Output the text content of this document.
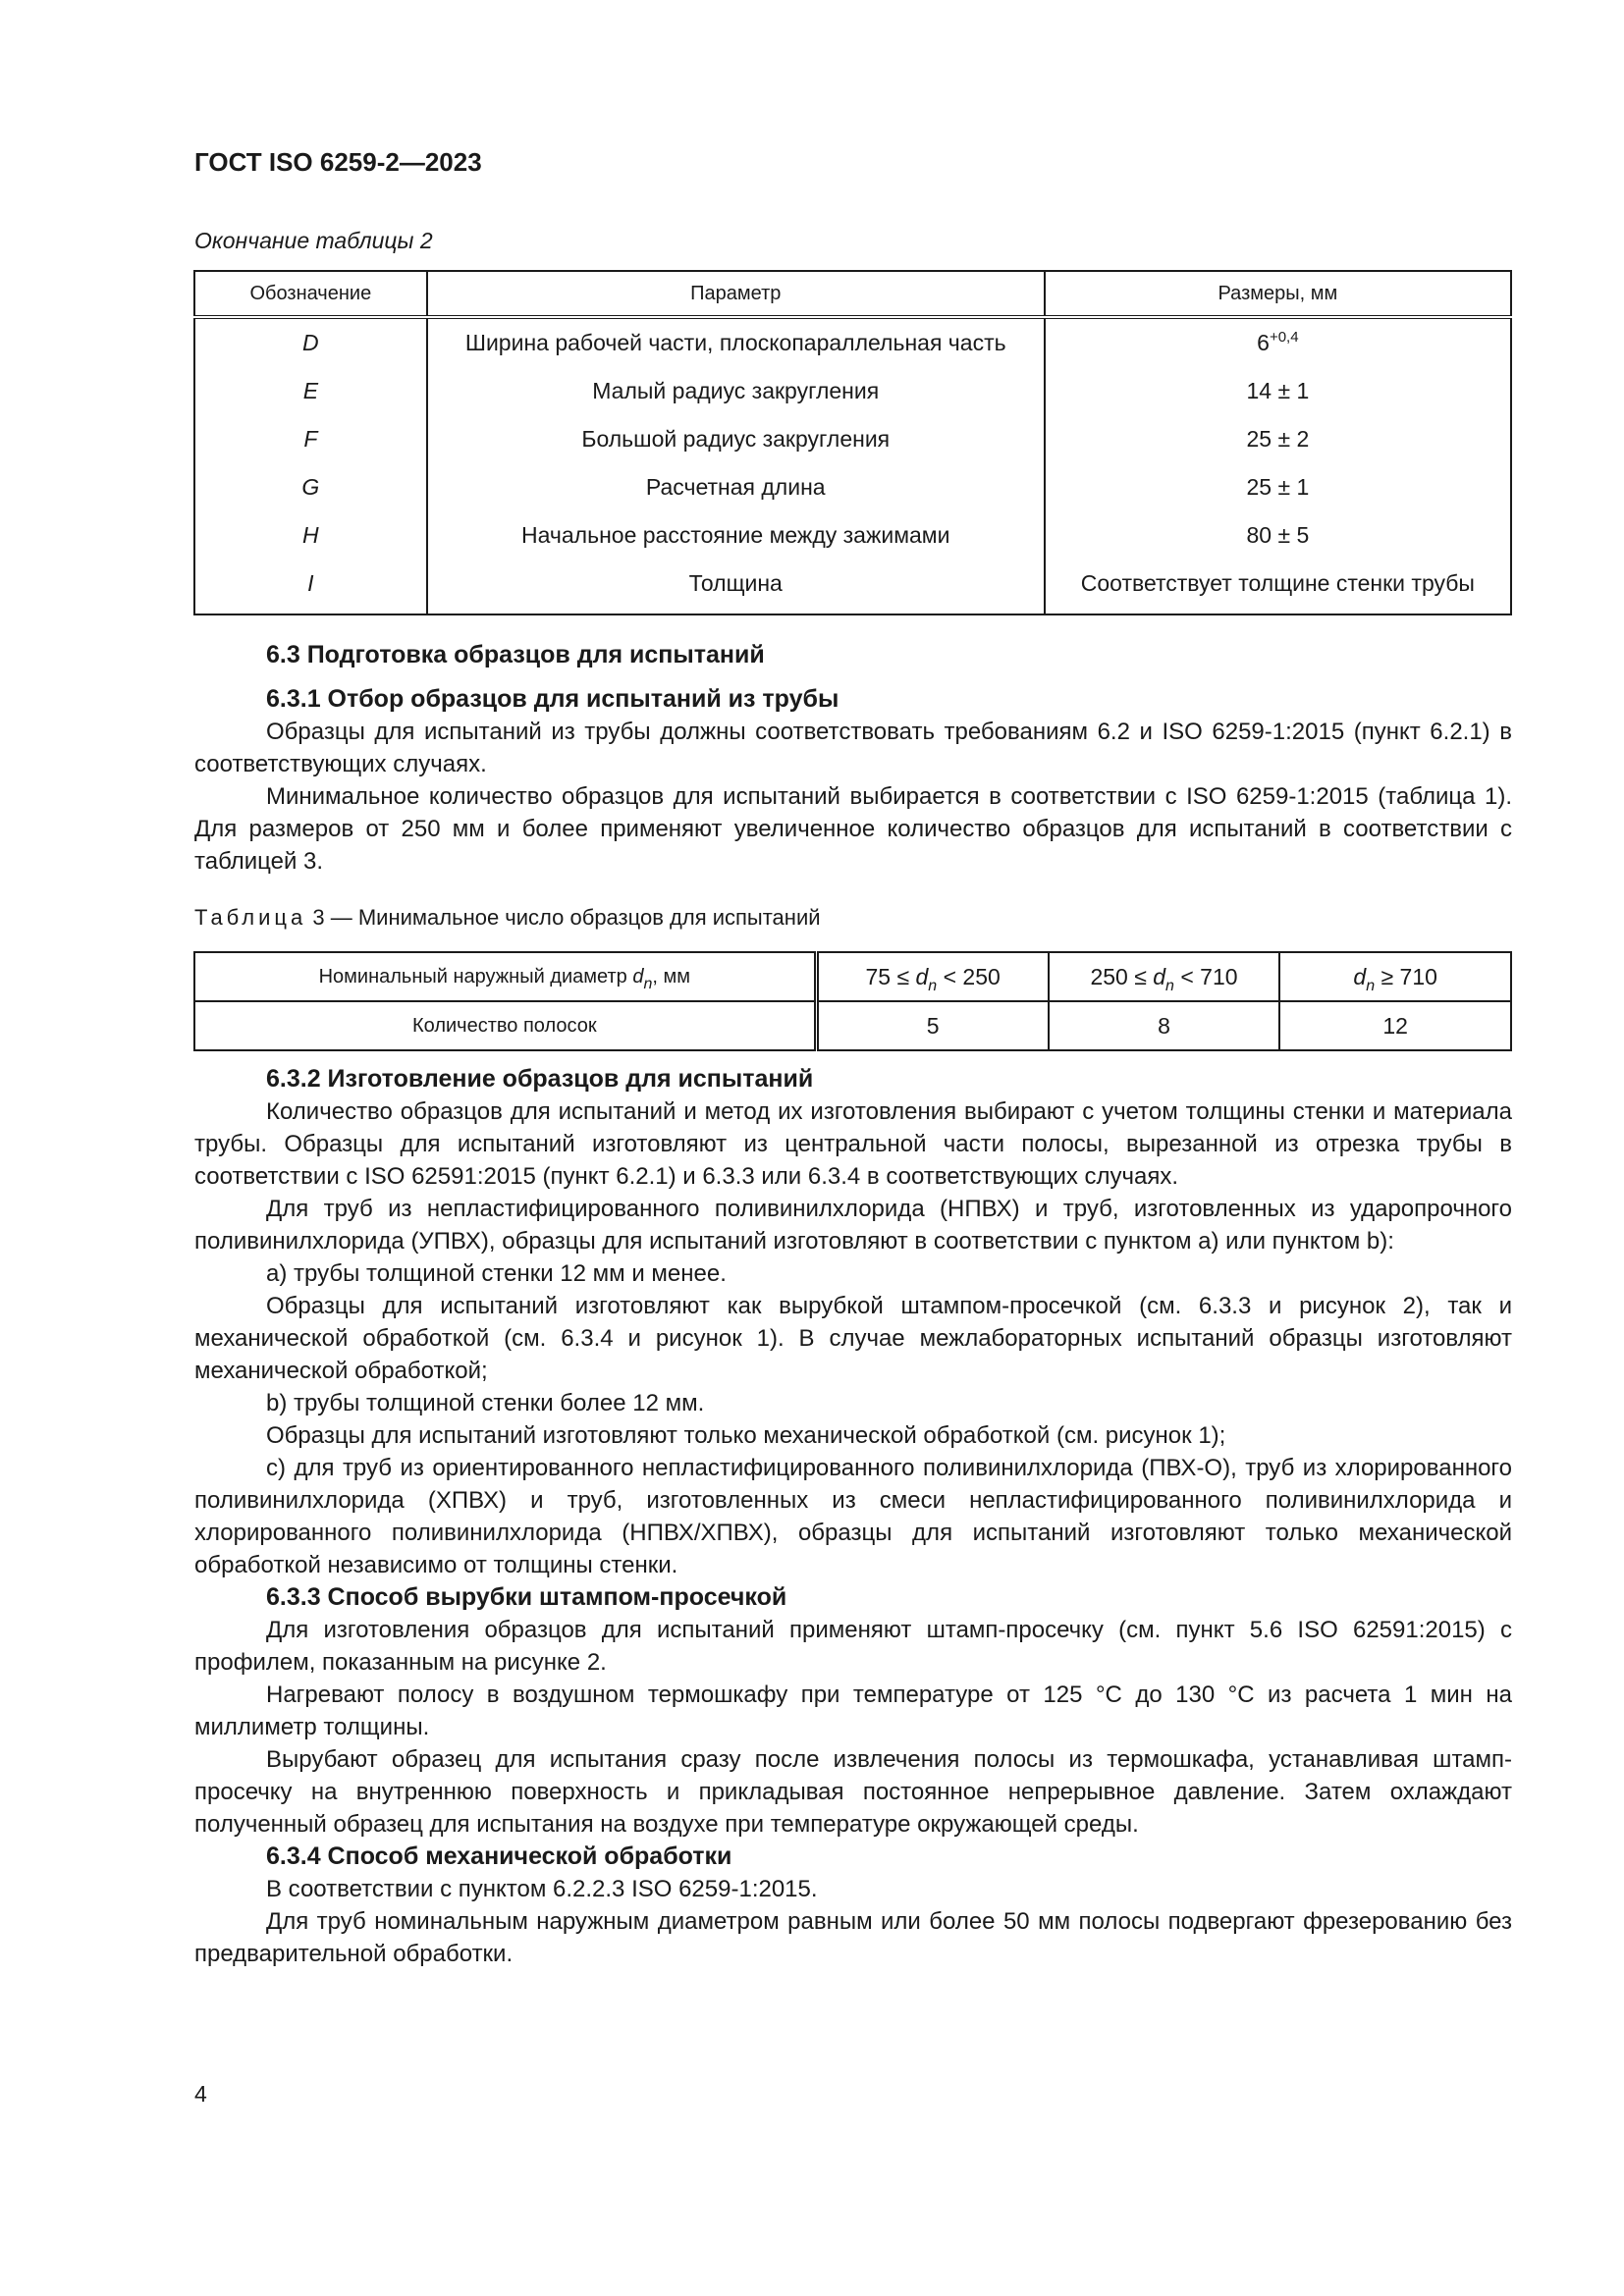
ГОСТ ISO 6259-2—2023
Окончание таблицы 2
Обозначение	Параметр	Размеры, мм
D	Ширина рабочей части, плоскопараллельная часть	$6^{+0,4}$
E	Малый радиус закругления	14 ± 1
F	Большой радиус закругления	25 ± 2
G	Расчетная длина	25 ± 1
H	Начальное расстояние между зажимами	80 ± 5
I	Толщина	Соответствует толщине стенки трубы
6.3 Подготовка образцов для испытаний
6.3.1 Отбор образцов для испытаний из трубы

Образцы для испытаний из трубы должны соответствовать требованиям 6.2 и ISO 6259-1:2015 (пункт 6.2.1) в соответствующих случаях.

Минимальное количество образцов для испытаний выбирается в соответствии с ISO 6259-1:2015 (таблица 1). Для размеров от 250 мм и более применяют увеличенное количество образцов для испытаний в соответствии с таблицей 3.

Таблица 3 — Минимальное число образцов для испытаний
Номинальный наружный диаметр $d_n$, мм	$75 \le d_n < 250$	$250 \le d_n < 710$	$d_n \ge 710$
Количество полосок	5	8	12
6.3.2 Изготовление образцов для испытаний

Количество образцов для испытаний и метод их изготовления выбирают с учетом толщины стенки и материала трубы. Образцы для испытаний изготовляют из центральной части полосы, вырезанной из отрезка трубы в соответствии с ISO 62591:2015 (пункт 6.2.1) и 6.3.3 или 6.3.4 в соответствующих случаях.

Для труб из непластифицированного поливинилхлорида (НПВХ) и труб, изготовленных из ударопрочного поливинилхлорида (УПВХ), образцы для испытаний изготовляют в соответствии с пунктом а) или пунктом b):

а) трубы толщиной стенки 12 мм и менее.

Образцы для испытаний изготовляют как вырубкой штампом-просечкой (см. 6.3.3 и рисунок 2), так и механической обработкой (см. 6.3.4 и рисунок 1). В случае межлабораторных испытаний образцы изготовляют механической обработкой;

b) трубы толщиной стенки более 12 мм.

Образцы для испытаний изготовляют только механической обработкой (см. рисунок 1);

c) для труб из ориентированного непластифицированного поливинилхлорида (ПВХ-О), труб из хлорированного поливинилхлорида (ХПВХ) и труб, изготовленных из смеси непластифицированного поливинилхлорида и хлорированного поливинилхлорида (НПВХ/ХПВХ), образцы для испытаний изготовляют только механической обработкой независимо от толщины стенки.

6.3.3 Способ вырубки штампом-просечкой

Для изготовления образцов для испытаний применяют штамп-просечку (см. пункт 5.6 ISO 62591:2015) с профилем, показанным на рисунке 2.

Нагревают полосу в воздушном термошкафу при температуре от 125 °С до 130 °С из расчета 1 мин на миллиметр толщины.

Вырубают образец для испытания сразу после извлечения полосы из термошкафа, устанавливая штамп-просечку на внутреннюю поверхность и прикладывая постоянное непрерывное давление. Затем охлаждают полученный образец для испытания на воздухе при температуре окружающей среды.

6.3.4 Способ механической обработки

В соответствии с пунктом 6.2.2.3 ISO 6259-1:2015.

Для труб номинальным наружным диаметром равным или более 50 мм полосы подвергают фрезерованию без предварительной обработки.

4
